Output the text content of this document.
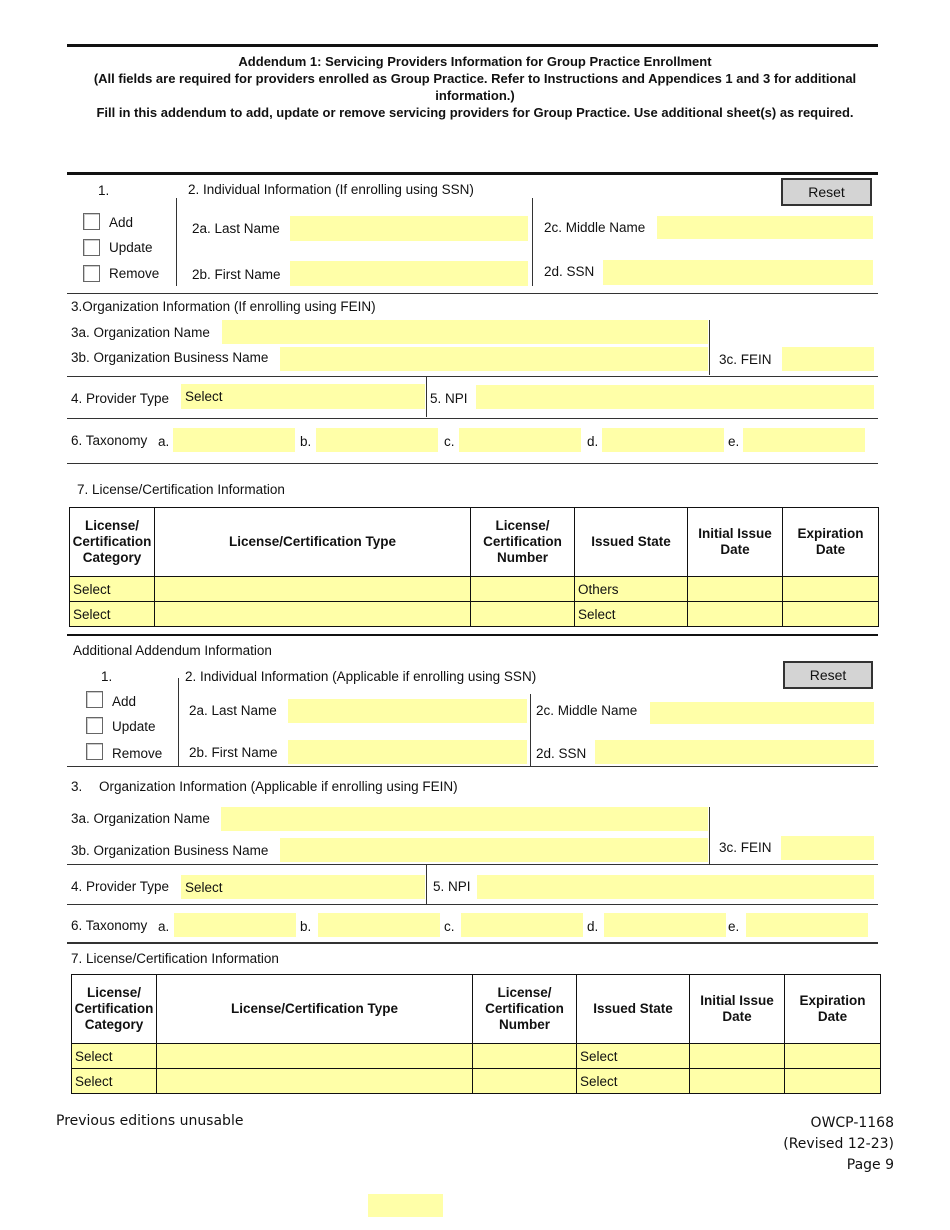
Addendum 1: Servicing Providers Information for Group Practice Enrollment
(All fields are required for providers enrolled as Group Practice. Refer to Instructions and Appendices 1 and 3 for additional information.)
Fill in this addendum to add, update or remove servicing providers for Group Practice. Use additional sheet(s) as required.
1.	2. Individual Information (If enrolling using SSN)	Reset
Add
Update
Remove
2a. Last Name	2c. Middle Name
2b. First Name	2d. SSN
3.Organization Information (If enrolling using FEIN)
3a. Organization Name
3b. Organization Business Name	3c. FEIN
4. Provider Type Select	5. NPI
6. Taxonomy a.	b.	c.	d.	e.
7. License/Certification Information
License/ Certification Category	License/Certification Type	License/ Certification Number	Issued State	Initial Issue Date	Expiration Date
Select			Others		
Select			Select		
Additional Addendum Information
1.	2. Individual Information (Applicable if enrolling using SSN)	Reset
Add
Update
Remove
2a. Last Name	2c. Middle Name
2b. First Name	2d. SSN
3. Organization Information (Applicable if enrolling using FEIN)
3a. Organization Name
3b. Organization Business Name	3c. FEIN
4. Provider Type Select	5. NPI
6. Taxonomy a.	b.	c.	d.	e.
7. License/Certification Information
License/ Certification Category	License/Certification Type	License/ Certification Number	Issued State	Initial Issue Date	Expiration Date
Select			Select		
Select			Select		
Previous editions unusable	OWCP-1168
(Revised 12-23)
Page 9
